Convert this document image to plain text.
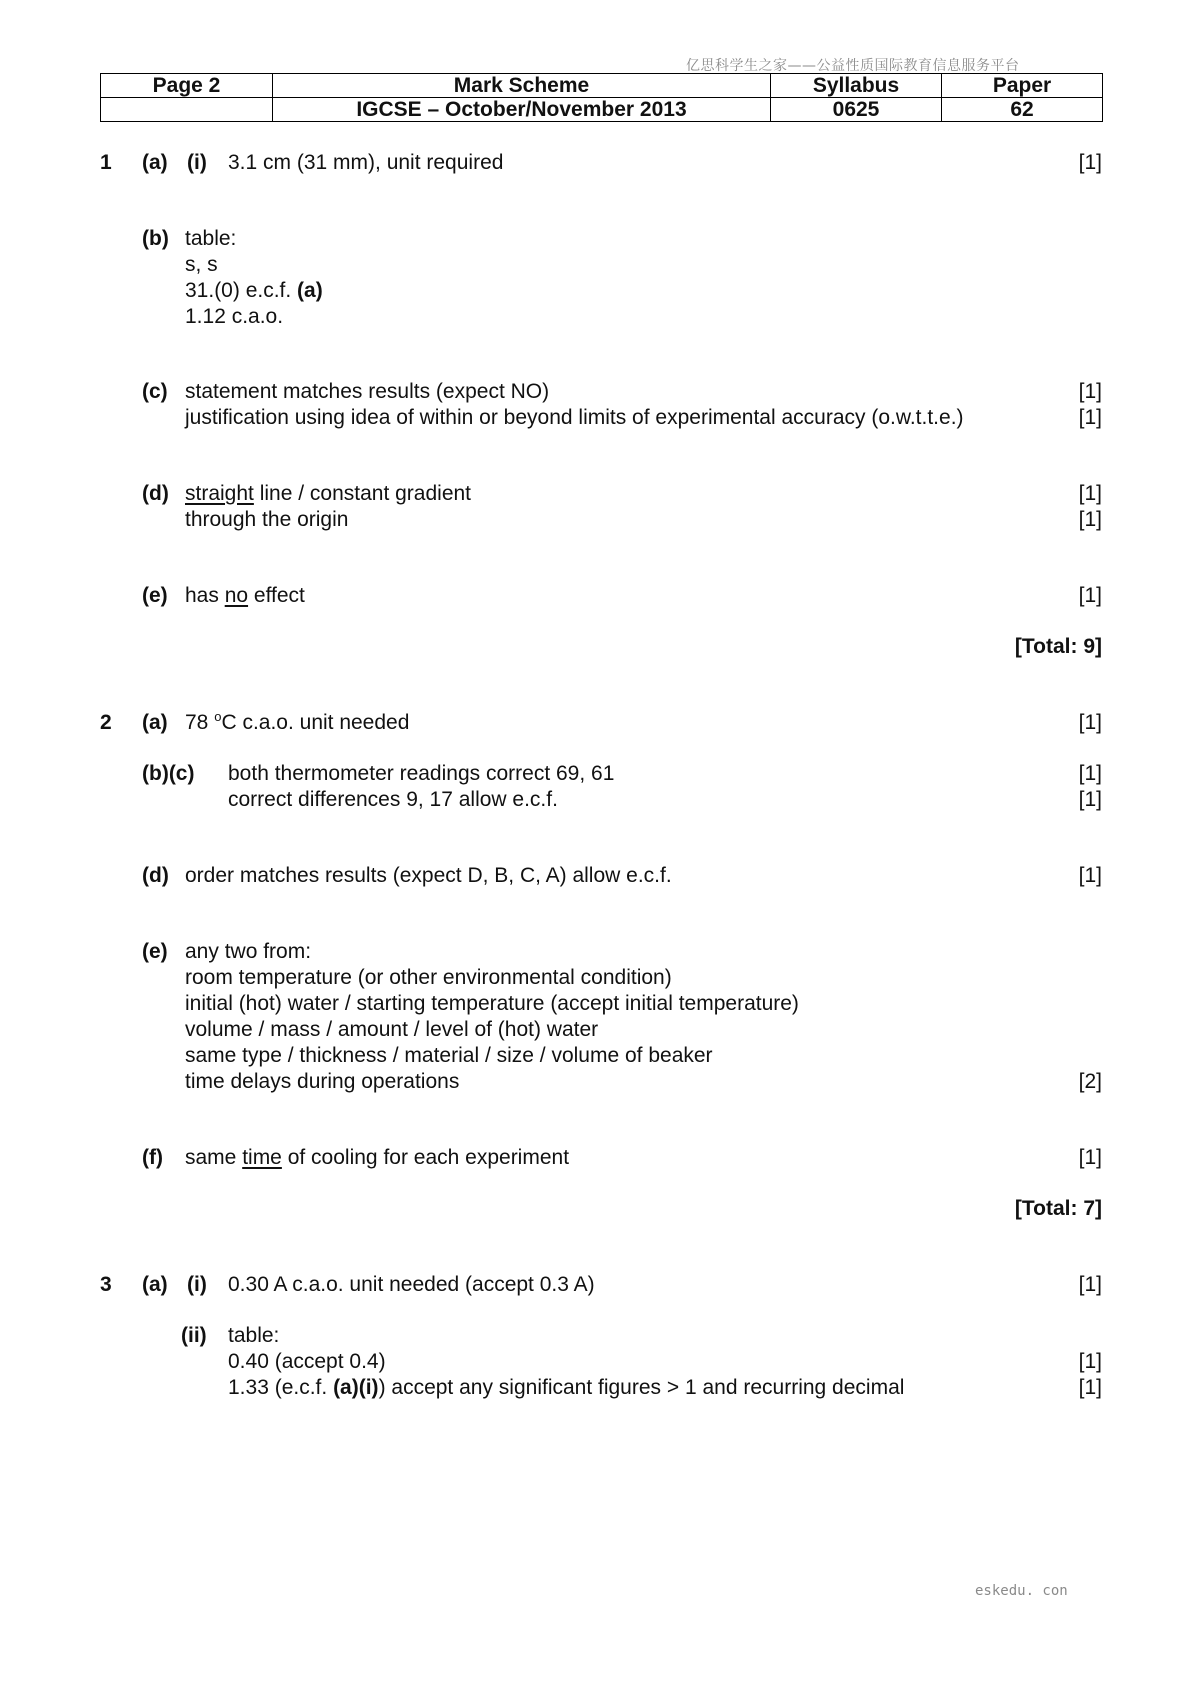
亿思科学生之家——公益性质国际教育信息服务平台
Page 2	Mark Scheme	Syllabus	Paper
	IGCSE – October/November 2013	0625	62
1 (a) (i) 3.1 cm (31 mm), unit required	[1]
(b) table:
s, s
31.(0) e.c.f. (a)
1.12 c.a.o.
(c) statement matches results (expect NO)	[1]
justification using idea of within or beyond limits of experimental accuracy (o.w.t.t.e.)	[1]
(d) straight line / constant gradient	[1]
through the origin	[1]
(e) has no effect	[1]
[Total: 9]
2 (a) 78 $^o$C c.a.o. unit needed	[1]
(b)(c) both thermometer readings correct 69, 61	[1]
correct differences 9, 17 allow e.c.f.	[1]
(d) order matches results (expect D, B, C, A) allow e.c.f.	[1]
(e) any two from:
room temperature (or other environmental condition)
initial (hot) water / starting temperature (accept initial temperature)
volume / mass / amount / level of (hot) water
same type / thickness / material / size / volume of beaker
time delays during operations	[2]
(f) same time of cooling for each experiment	[1]
[Total: 7]
3 (a) (i) 0.30 A c.a.o. unit needed (accept 0.3 A)	[1]
(ii) table:
0.40 (accept 0.4)	[1]
1.33 (e.c.f. (a)(i)) accept any significant figures > 1 and recurring decimal	[1]
eskedu. con
